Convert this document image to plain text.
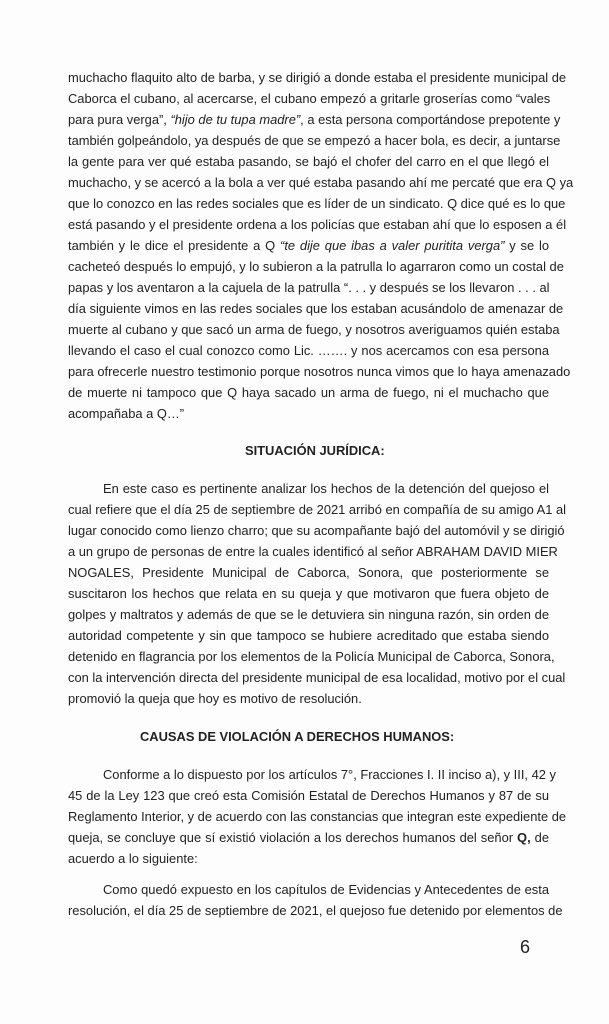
muchacho flaquito alto de barba, y se dirigió a donde estaba el presidente municipal de
Caborca el cubano, al acercarse, el cubano empezó a gritarle groserías como “vales
para pura verga”, “hijo de tu tupa madre”, a esta persona comportándose prepotente y
también golpeándolo, ya después de que se empezó a hacer bola, es decir, a juntarse
la gente para ver qué estaba pasando, se bajó el chofer del carro en el que llegó el
muchacho, y se acercó a la bola a ver qué estaba pasando ahí me percaté que era Q ya
que lo conozco en las redes sociales que es líder de un sindicato. Q dice qué es lo que
está pasando y el presidente ordena a los policías que estaban ahí que lo esposen a él
también y le dice el presidente a Q “te dije que ibas a valer puritita verga” y se lo
cacheteó después lo empujó, y lo subieron a la patrulla lo agarraron como un costal de
papas y los aventaron a la cajuela de la patrulla “. . . y después se los llevaron . . . al
día siguiente vimos en las redes sociales que los estaban acusándolo de amenazar de
muerte al cubano y que sacó un arma de fuego, y nosotros averiguamos quién estaba
llevando el caso el cual conozco como Lic. ……. y nos acercamos con esa persona
para ofrecerle nuestro testimonio porque nosotros nunca vimos que lo haya amenazado
de muerte ni tampoco que Q haya sacado un arma de fuego, ni el muchacho que
acompañaba a Q…”
SITUACIÓN JURÍDICA:
En este caso es pertinente analizar los hechos de la detención del quejoso el
cual refiere que el día 25 de septiembre de 2021 arribó en compañía de su amigo A1 al
lugar conocido como lienzo charro; que su acompañante bajó del automóvil y se dirigió
a un grupo de personas de entre la cuales identificó al señor ABRAHAM DAVID MIER
NOGALES, Presidente Municipal de Caborca, Sonora, que posteriormente se
suscitaron los hechos que relata en su queja y que motivaron que fuera objeto de
golpes y maltratos y además de que se le detuviera sin ninguna razón, sin orden de
autoridad competente y sin que tampoco se hubiere acreditado que estaba siendo
detenido en flagrancia por los elementos de la Policía Municipal de Caborca, Sonora,
con la intervención directa del presidente municipal de esa localidad, motivo por el cual
promovió la queja que hoy es motivo de resolución.
CAUSAS DE VIOLACIÓN A DERECHOS HUMANOS:
Conforme a lo dispuesto por los artículos 7°, Fracciones I. II inciso a), y III, 42 y
45 de la Ley 123 que creó esta Comisión Estatal de Derechos Humanos y 87 de su
Reglamento Interior, y de acuerdo con las constancias que integran este expediente de
queja, se concluye que sí existió violación a los derechos humanos del señor Q, de
acuerdo a lo siguiente:
Como quedó expuesto en los capítulos de Evidencias y Antecedentes de esta
resolución, el día 25 de septiembre de 2021, el quejoso fue detenido por elementos de
6
